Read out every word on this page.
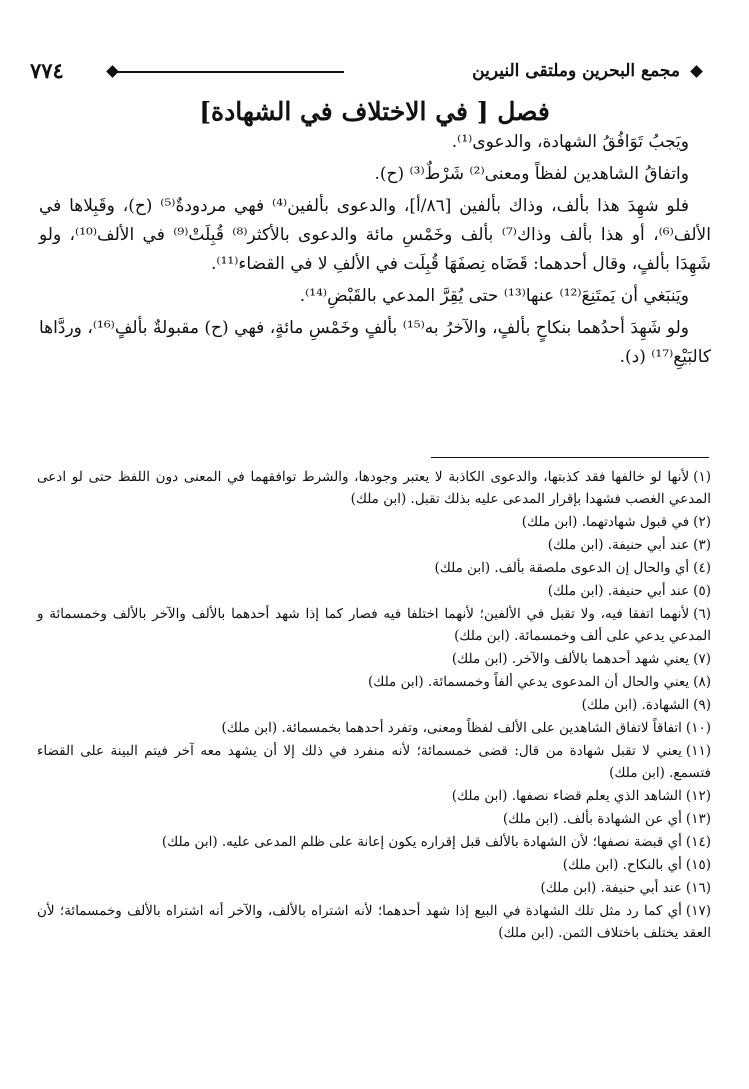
٧٧٤	مجمع البحرين وملتقى النيرين
فصل [ في الاختلاف في الشهادة]

ويَجبُ تَوَافُقُ الشهادة، والدعوى⁽¹⁾.

واتفاقُ الشاهدين لفظاً ومعنى⁽²⁾ شَرْطٌ⁽³⁾ (ح).

فلو شهِدَ هذا بألف، وذاك بألفين [٨٦/أ]، والدعوى بألفين⁽⁴⁾ فهي مردودةٌ⁽⁵⁾ (ح)، وقَبِلاها في الألف⁽⁶⁾، أو هذا بألف وذاك⁽⁷⁾ بألف وخَمْسِ مائة والدعوى بالأكثر⁽⁸⁾ قُبِلَتْ⁽⁹⁾ في الألف⁽¹⁰⁾، ولو شَهِدَا بألفٍ، وقال أحدهما: قَضَاه نِصفَهَا قُبِلَت في الألفِ لا في القضاء⁽¹¹⁾.

ويَنبَغي أن يَمتَنِعَ⁽¹²⁾ عنها⁽¹³⁾ حتى يُقِرَّ المدعي بالقَبْضِ⁽¹⁴⁾.

ولو شَهِدَ أحدُهما بنكاحٍ بألفٍ، والآخرُ به⁽¹⁵⁾ بألفٍ وخَمْسِ مائةٍ، فهي (ح) مقبولةٌ بألفٍ⁽¹⁶⁾، وردَّاها كالبَيْعِ⁽¹⁷⁾ (د).

(١)لأنها لو خالفها فقد كذبتها، والدعوى الكاذبة لا يعتبر وجودها، والشرط توافقهما في المعنى دون اللفظ حتى لو ادعى المدعي الغصب فشهدا بإقرار المدعى عليه بذلك تقبل. (ابن ملك)
(٢)في قبول شهادتهما. (ابن ملك)
(٣)عند أبي حنيفة. (ابن ملك)
(٤)أي والحال إن الدعوى ملصقة بألف. (ابن ملك)
(٥)عند أبي حنيفة. (ابن ملك)
(٦)لأنهما اتفقا فيه، ولا تقبل في الألفين؛ لأنهما اختلفا فيه فصار كما إذا شهد أحدهما بالألف والآخر بالألف وخمسمائة و المدعي يدعي على ألف وخمسمائة. (ابن ملك)
(٧)يعني شهد أحدهما بالألف والآخر. (ابن ملك)
(٨)يعني والحال أن المدعوى يدعي ألفاً وخمسمائة. (ابن ملك)
(٩)الشهادة. (ابن ملك)
(١٠)اتفاقاً لاتفاق الشاهدين على الألف لفظاً ومعنى، وتفرد أحدهما بخمسمائة. (ابن ملك)
(١١)يعني لا تقبل شهادة من قال: قضى خمسمائة؛ لأنه منفرد في ذلك إلا أن يشهد معه آخر فيتم البينة على القضاء فتسمع. (ابن ملك)
(١٢)الشاهد الذي يعلم قضاء نصفها. (ابن ملك)
(١٣)أي عن الشهادة بألف. (ابن ملك)
(١٤)أي قبضة نصفها؛ لأن الشهادة بالألف قبل إقراره يكون إعانة على ظلم المدعى عليه. (ابن ملك)
(١٥)أي بالنكاح. (ابن ملك)
(١٦)عند أبي حنيفة. (ابن ملك)
(١٧)أي كما رد مثل تلك الشهادة في البيع إذا شهد أحدهما؛ لأنه اشتراه بالألف، والآخر أنه اشتراه بالألف وخمسمائة؛ لأن العقد يختلف باختلاف الثمن. (ابن ملك)
